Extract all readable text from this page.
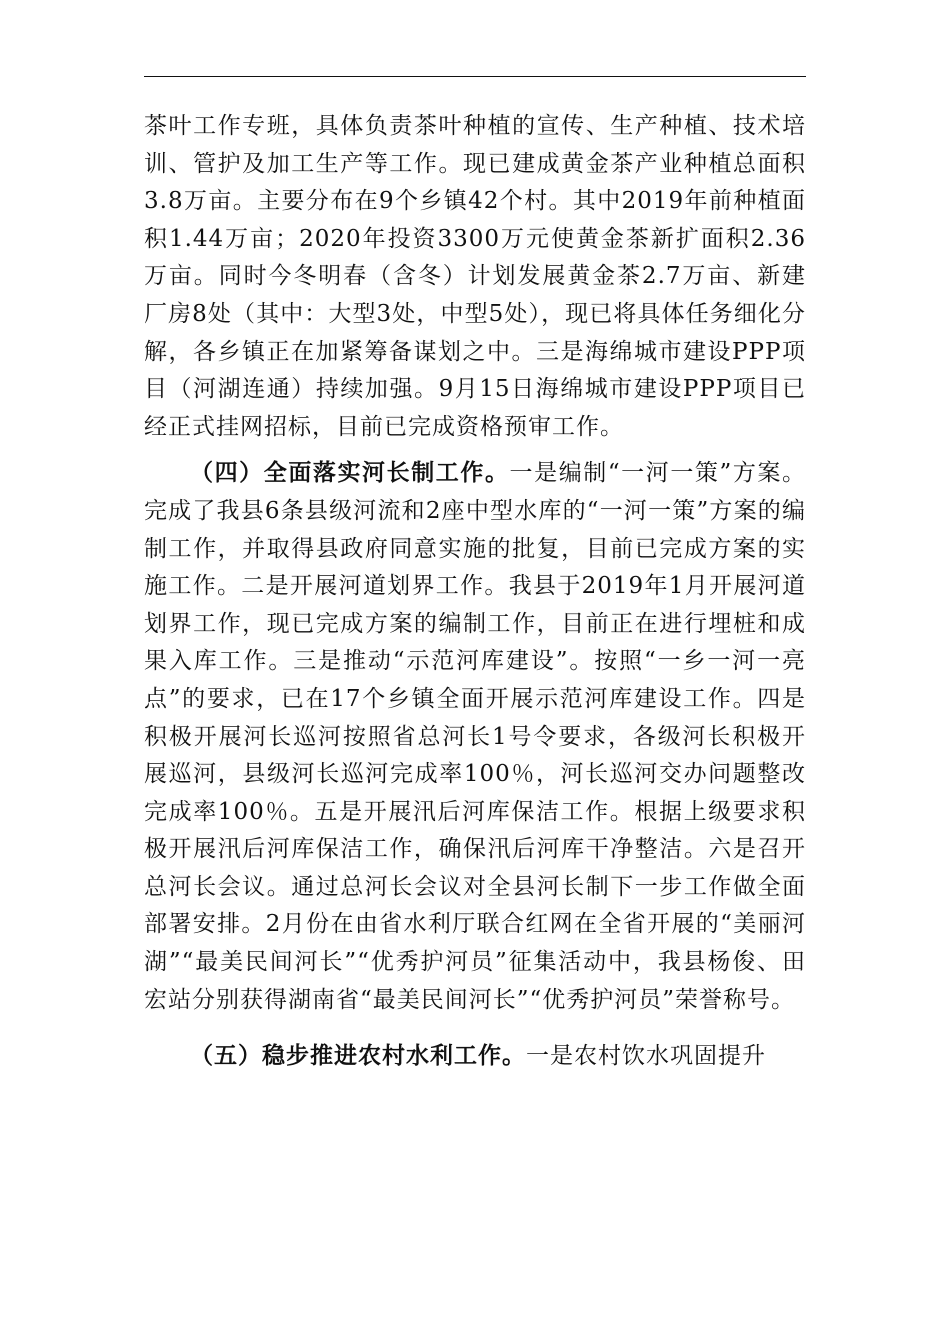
茶叶工作专班，具体负责茶叶种植的宣传、生产种植、技术培训、管护及加工生产等工作。现已建成黄金茶产业种植总面积3.8万亩。主要分布在9个乡镇42个村。其中2019年前种植面积1.44万亩；2020年投资3300万元使黄金茶新扩面积2.36万亩。同时今冬明春（含冬）计划发展黄金茶2.7万亩、新建厂房8处（其中：大型3处，中型5处），现已将具体任务细化分解，各乡镇正在加紧筹备谋划之中。三是海绵城市建设PPP项目（河湖连通）持续加强。9月15日海绵城市建设PPP项目已经正式挂网招标，目前已完成资格预审工作。

（四）全面落实河长制工作。一是编制“一河一策”方案。完成了我县6条县级河流和2座中型水库的“一河一策”方案的编制工作，并取得县政府同意实施的批复，目前已完成方案的实施工作。二是开展河道划界工作。我县于2019年1月开展河道划界工作，现已完成方案的编制工作，目前正在进行埋桩和成果入库工作。三是推动“示范河库建设”。按照“一乡一河一亮点”的要求，已在17个乡镇全面开展示范河库建设工作。四是积极开展河长巡河按照省总河长1号令要求，各级河长积极开展巡河，县级河长巡河完成率100％，河长巡河交办问题整改完成率100％。五是开展汛后河库保洁工作。根据上级要求积极开展汛后河库保洁工作，确保汛后河库干净整洁。六是召开总河长会议。通过总河长会议对全县河长制下一步工作做全面部署安排。2月份在由省水利厅联合红网在全省开展的“美丽河湖”“最美民间河长”“优秀护河员”征集活动中，我县杨俊、田宏站分别获得湖南省“最美民间河长”“优秀护河员”荣誉称号。

（五）稳步推进农村水利工作。一是农村饮水巩固提升
